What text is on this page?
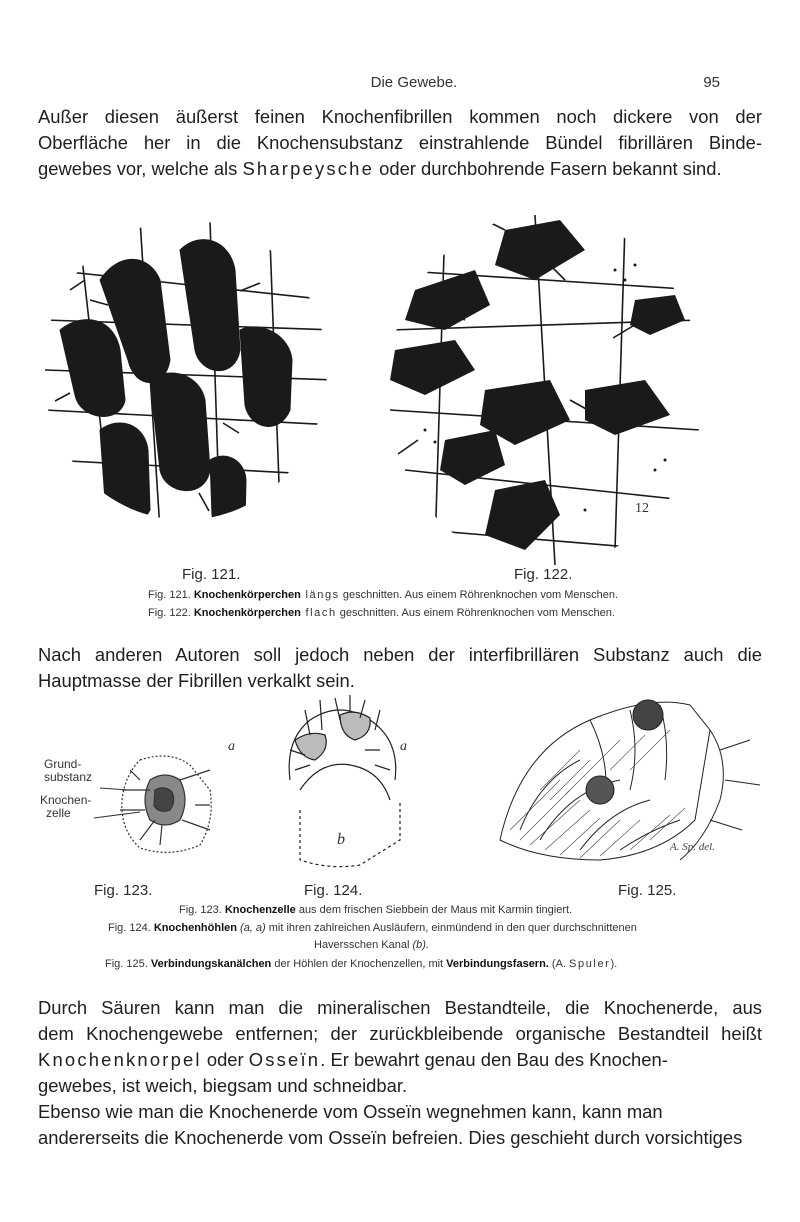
Die Gewebe.	95
Außer diesen äußerst feinen Knochenfibrillen kommen noch dickere von der
Oberfläche her in die Knochensubstanz einstrahlende Bündel fibrillären Binde-
gewebes vor, welche als Sharpeysche oder durchbohrende Fasern bekannt sind.
12
Fig. 121.	Fig. 122.
Fig. 121. Knochenkörperchen längs geschnitten. Aus einem Röhrenknochen vom Menschen.
Fig. 122. Knochenkörperchen flach geschnitten. Aus einem Röhrenknochen vom Menschen.
Nach anderen Autoren soll jedoch neben der interfibrillären Substanz auch die
Hauptmasse der Fibrillen verkalkt sein.
Grund-
substanz
Knochen-
zelle
a	a
b	A. Sp. del.
Fig. 123.	Fig. 124.	Fig. 125.
Fig. 123. Knochenzelle aus dem frischen Siebbein der Maus mit Karmin tingiert.
Fig. 124. Knochenhöhlen (a, a) mit ihren zahlreichen Ausläufern, einmündend in den quer durchschnittenen
Haversschen Kanal (b).
Fig. 125. Verbindungskanälchen der Höhlen der Knochenzellen, mit Verbindungsfasern. (A. Spuler).
Durch Säuren kann man die mineralischen Bestandteile, die Knochenerde, aus
dem Knochengewebe entfernen; der zurückbleibende organische Bestandteil heißt
Knochenknorpel oder Osseïn. Er bewahrt genau den Bau des Knochen-
gewebes, ist weich, biegsam und schneidbar.
Ebenso wie man die Knochenerde vom Osseïn wegnehmen kann, kann man
andererseits die Knochenerde vom Osseïn befreien. Dies geschieht durch vorsichtiges
